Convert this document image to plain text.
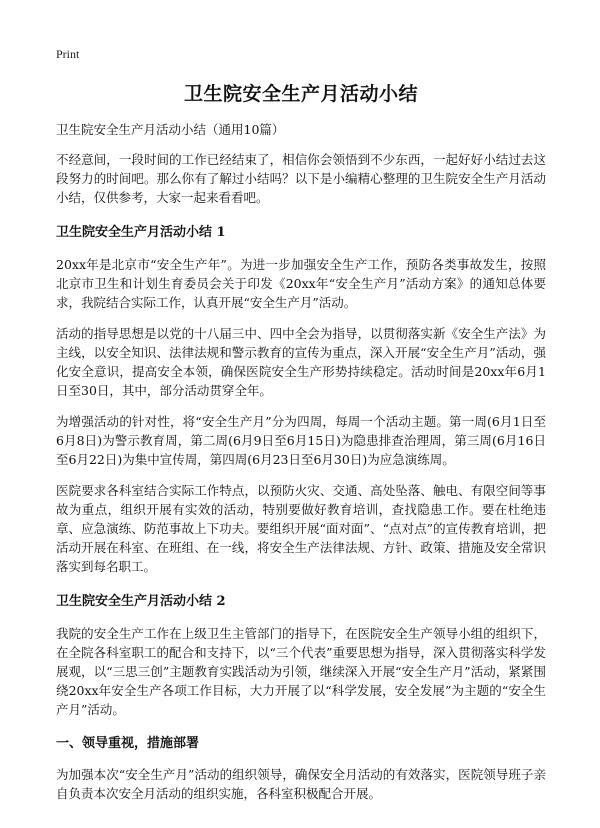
Print
卫生院安全生产月活动小结
卫生院安全生产月活动小结（通用10篇）

不经意间，一段时间的工作已经结束了，相信你会领悟到不少东西，一起好好小结过去这段努力的时间吧。那么你有了解过小结吗？以下是小编精心整理的卫生院安全生产月活动小结，仅供参考，大家一起来看看吧。

卫生院安全生产月活动小结 1

20xx年是北京市“安全生产年”。为进一步加强安全生产工作，预防各类事故发生，按照北京市卫生和计划生育委员会关于印发《20xx年“安全生产月”活动方案》的通知总体要求，我院结合实际工作，认真开展“安全生产月”活动。

活动的指导思想是以党的十八届三中、四中全会为指导，以贯彻落实新《安全生产法》为主线，以安全知识、法律法规和警示教育的宣传为重点，深入开展“安全生产月”活动，强化安全意识，提高安全本领，确保医院安全生产形势持续稳定。活动时间是20xx年6月1日至30日，其中，部分活动贯穿全年。

为增强活动的针对性，将“安全生产月”分为四周，每周一个活动主题。第一周(6月1日至6月8日)为警示教育周，第二周(6月9日至6月15日)为隐患排查治理周，第三周(6月16日至6月22日)为集中宣传周，第四周(6月23日至6月30日)为应急演练周。

医院要求各科室结合实际工作特点，以预防火灾、交通、高处坠落、触电、有限空间等事故为重点，组织开展有实效的活动，特别要做好教育培训，查找隐患工作。要在杜绝违章、应急演练、防范事故上下功夫。要组织开展“面对面”、“点对点”的宣传教育培训，把活动开展在科室、在班组、在一线，将安全生产法律法规、方针、政策、措施及安全常识落实到每名职工。

卫生院安全生产月活动小结 2

我院的安全生产工作在上级卫生主管部门的指导下，在医院安全生产领导小组的组织下，在全院各科室职工的配合和支持下，以“三个代表”重要思想为指导，深入贯彻落实科学发展观，以“三思三创”主题教育实践活动为引领，继续深入开展“安全生产月”活动，紧紧围绕20xx年安全生产各项工作目标，大力开展了以“科学发展，安全发展”为主题的“安全生产月”活动。

一、领导重视，措施部署

为加强本次“安全生产月”活动的组织领导，确保安全月活动的有效落实，医院领导班子亲自负责本次安全月活动的组织实施，各科室积极配合开展。
